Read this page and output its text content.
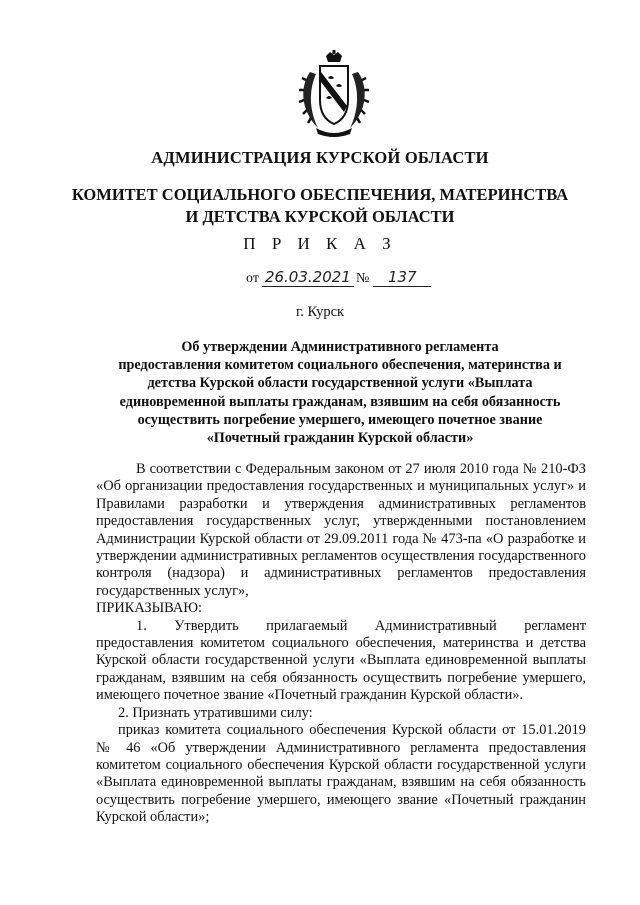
АДМИНИСТРАЦИЯ КУРСКОЙ ОБЛАСТИ
КОМИТЕТ СОЦИАЛЬНОГО ОБЕСПЕЧЕНИЯ, МАТЕРИНСТВА
И ДЕТСТВА КУРСКОЙ ОБЛАСТИ
П Р И К А З
от 26.03.2021 №	137
г. Курск
Об утверждении Административного регламента
предоставления комитетом социального обеспечения, материнства и
детства Курской области государственной услуги «Выплата
единовременной выплаты гражданам, взявшим на себя обязанность
осуществить погребение умершего, имеющего почетное звание
«Почетный гражданин Курской области»

В соответствии с Федеральным законом от 27 июля 2010 года № 210-ФЗ «Об организации предоставления государственных и муниципальных услуг» и Правилами разработки и утверждения административных регламентов предоставления государственных услуг, утвержденными постановлением Администрации Курской области от 29.09.2011 года № 473-па «О разработке и утверждении административных регламентов осуществления государственного контроля (надзора) и административных регламентов предоставления государственных услуг»,

ПРИКАЗЫВАЮ:

1. Утвердить прилагаемый Административный регламент предоставления комитетом социального обеспечения, материнства и детства Курской области государственной услуги «Выплата единовременной выплаты гражданам, взявшим на себя обязанность осуществить погребение умершего, имеющего почетное звание «Почетный гражданин Курской области».

2. Признать утратившими силу:

приказ комитета социального обеспечения Курской области от 15.01.2019 № 46 «Об утверждении Административного регламента предоставления комитетом социального обеспечения Курской области государственной услуги «Выплата единовременной выплаты гражданам, взявшим на себя обязанность осуществить погребение умершего, имеющего звание «Почетный гражданин Курской области»;
